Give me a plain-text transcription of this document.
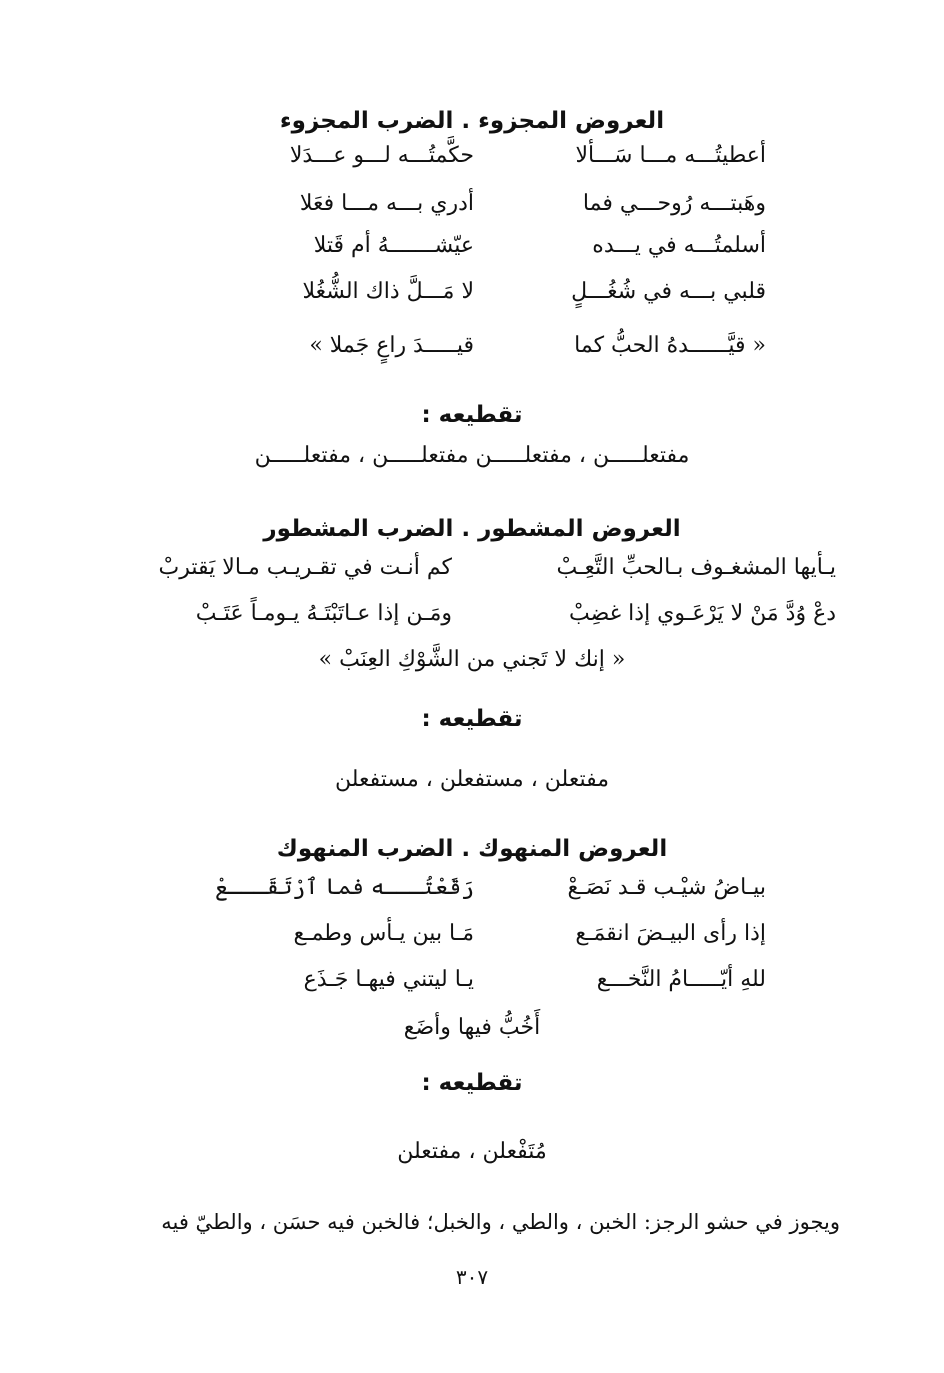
العروض المجزوء . الضرب المجزوء
أعطيتُـــه مـــا سَـــألا
حكَّمتُـــه لـــو عـــدَلا
وهَبتـــه رُوحـــي فما
أدري بـــه مـــا فعَلا
أسلمتُـــه في يـــده
عيّشـــــــهُ أم قَتلا
قلبي بـــه في شُغُـــلٍ
لا مَـــلَّ ذاك الشُّغُلا
« قيَّــــــدهُ الحبُّ كما
قيـــــدَ راعٍ جَملا »
تقطيعه :
مفتعلـــــن ، مفتعلـــــن مفتعلـــــن ، مفتعلـــــن
العروض المشطور . الضرب المشطور
يـأيها المشغـوف بـالحبِّ التَّعِـبْ
كم أنـت في تقـريـب مـالا يَقتربْ
دعْ وُدَّ مَنْ لا يَرْعَـوي إذا غضِبْ
ومَـن إذا عـاتَبْتَـهُ يـومـاً عَتَـبْ
« إنك لا تَجني من الشَّوْكِ العِنَبْ »
تقطيعه :
مفتعلن ، مستفعلن ، مستفعلن
العروض المنهوك . الضرب المنهوك
بيـاضُ شيْـب قـد نَصَـعْ
رَقَعْتُـــه فما ٱرْتَقَـــعْ
إذا رأى البيـضَ انقمَـع
مَـا بين يـأس وطمـع
للهِ أيّـــــامُ النَّخـــع
يـا ليتني فيهـا جَـذَع
أَخُبُّ فيها وأضَع
تقطيعه :
مُتَفْعلن ، مفتعلن
ويجوز في حشو الرجز: الخبن ، والطي ، والخبل؛ فالخبن فيه حسَن ، والطيّ فيه
٣٠٧
